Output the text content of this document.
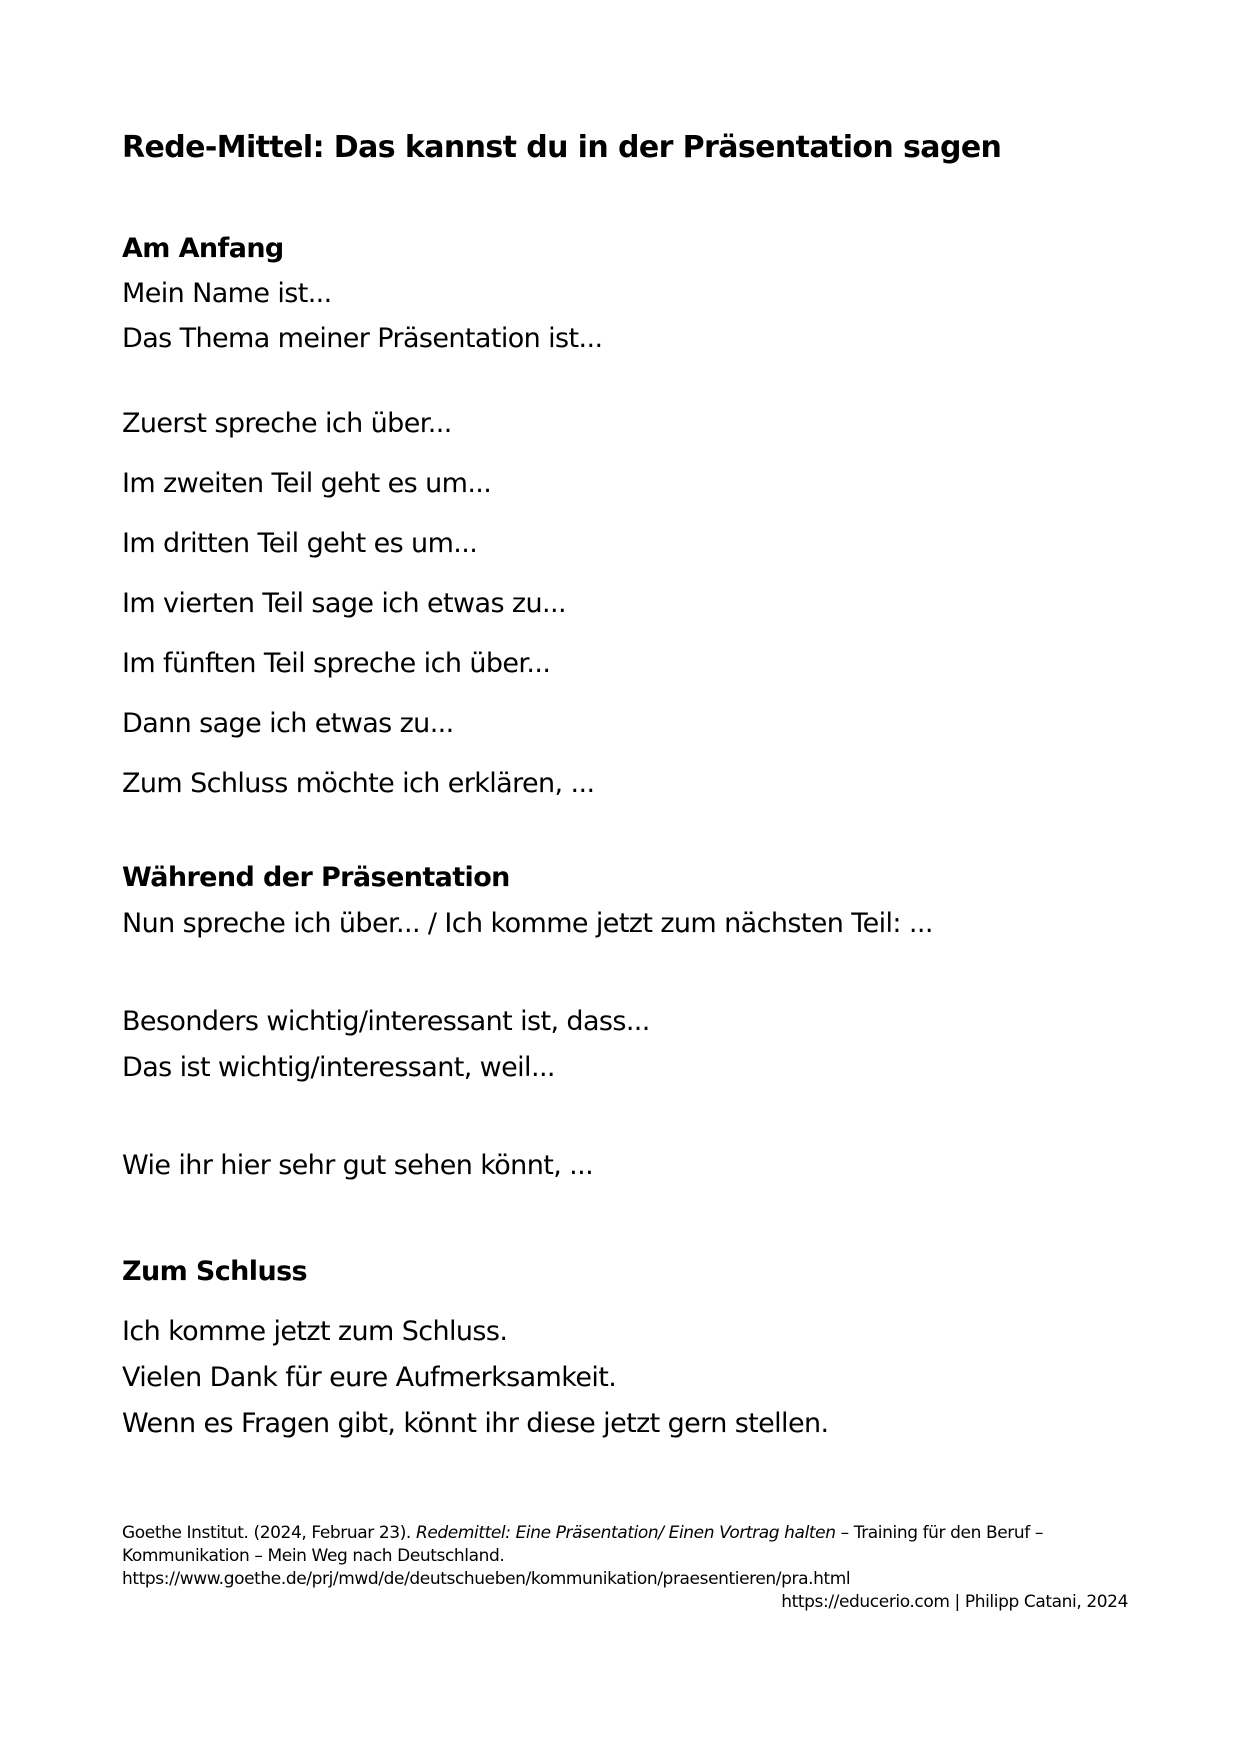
Rede-Mittel: Das kannst du in der Präsentation sagen
Am Anfang
Mein Name ist...
Das Thema meiner Präsentation ist...
Zuerst spreche ich über...
Im zweiten Teil geht es um...
Im dritten Teil geht es um...
Im vierten Teil sage ich etwas zu...
Im fünften Teil spreche ich über...
Dann sage ich etwas zu...
Zum Schluss möchte ich erklären, ...
Während der Präsentation
Nun spreche ich über... / Ich komme jetzt zum nächsten Teil: ...
Besonders wichtig/interessant ist, dass...
Das ist wichtig/interessant, weil...
Wie ihr hier sehr gut sehen könnt, ...
Zum Schluss
Ich komme jetzt zum Schluss.
Vielen Dank für eure Aufmerksamkeit.
Wenn es Fragen gibt, könnt ihr diese jetzt gern stellen.
Goethe Institut. (2024, Februar 23). Redemittel: Eine Präsentation/ Einen Vortrag halten – Training für den Beruf –
Kommunikation – Mein Weg nach Deutschland.
https://www.goethe.de/prj/mwd/de/deutschueben/kommunikation/praesentieren/pra.html
https://educerio.com | Philipp Catani, 2024
